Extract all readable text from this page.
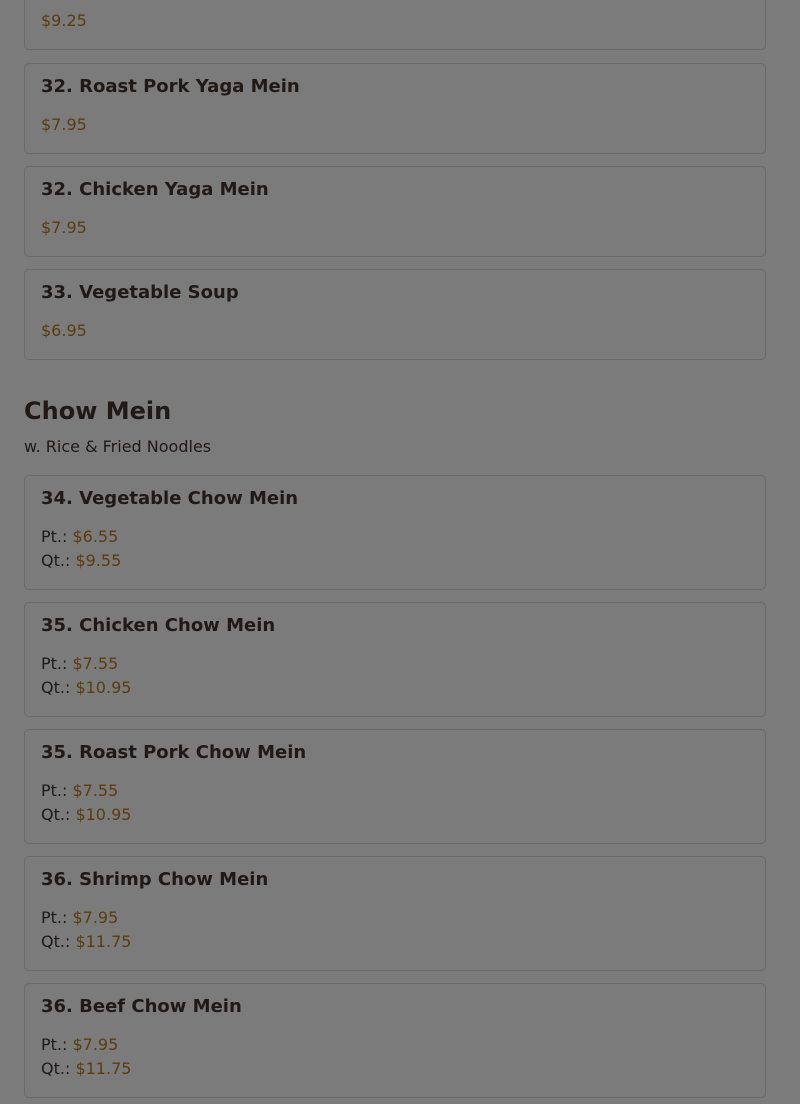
$9.25
32. Roast Pork Yaga Mein
$7.95
32. Chicken Yaga Mein
$7.95
33. Vegetable Soup
$6.95
Chow Mein
w. Rice & Fried Noodles
34. Vegetable Chow Mein
Pt.: $6.55
Qt.: $9.55
35. Chicken Chow Mein
Pt.: $7.55
Qt.: $10.95
35. Roast Pork Chow Mein
Pt.: $7.55
Qt.: $10.95
36. Shrimp Chow Mein
Pt.: $7.95
Qt.: $11.75
36. Beef Chow Mein
Pt.: $7.95
Qt.: $11.75
